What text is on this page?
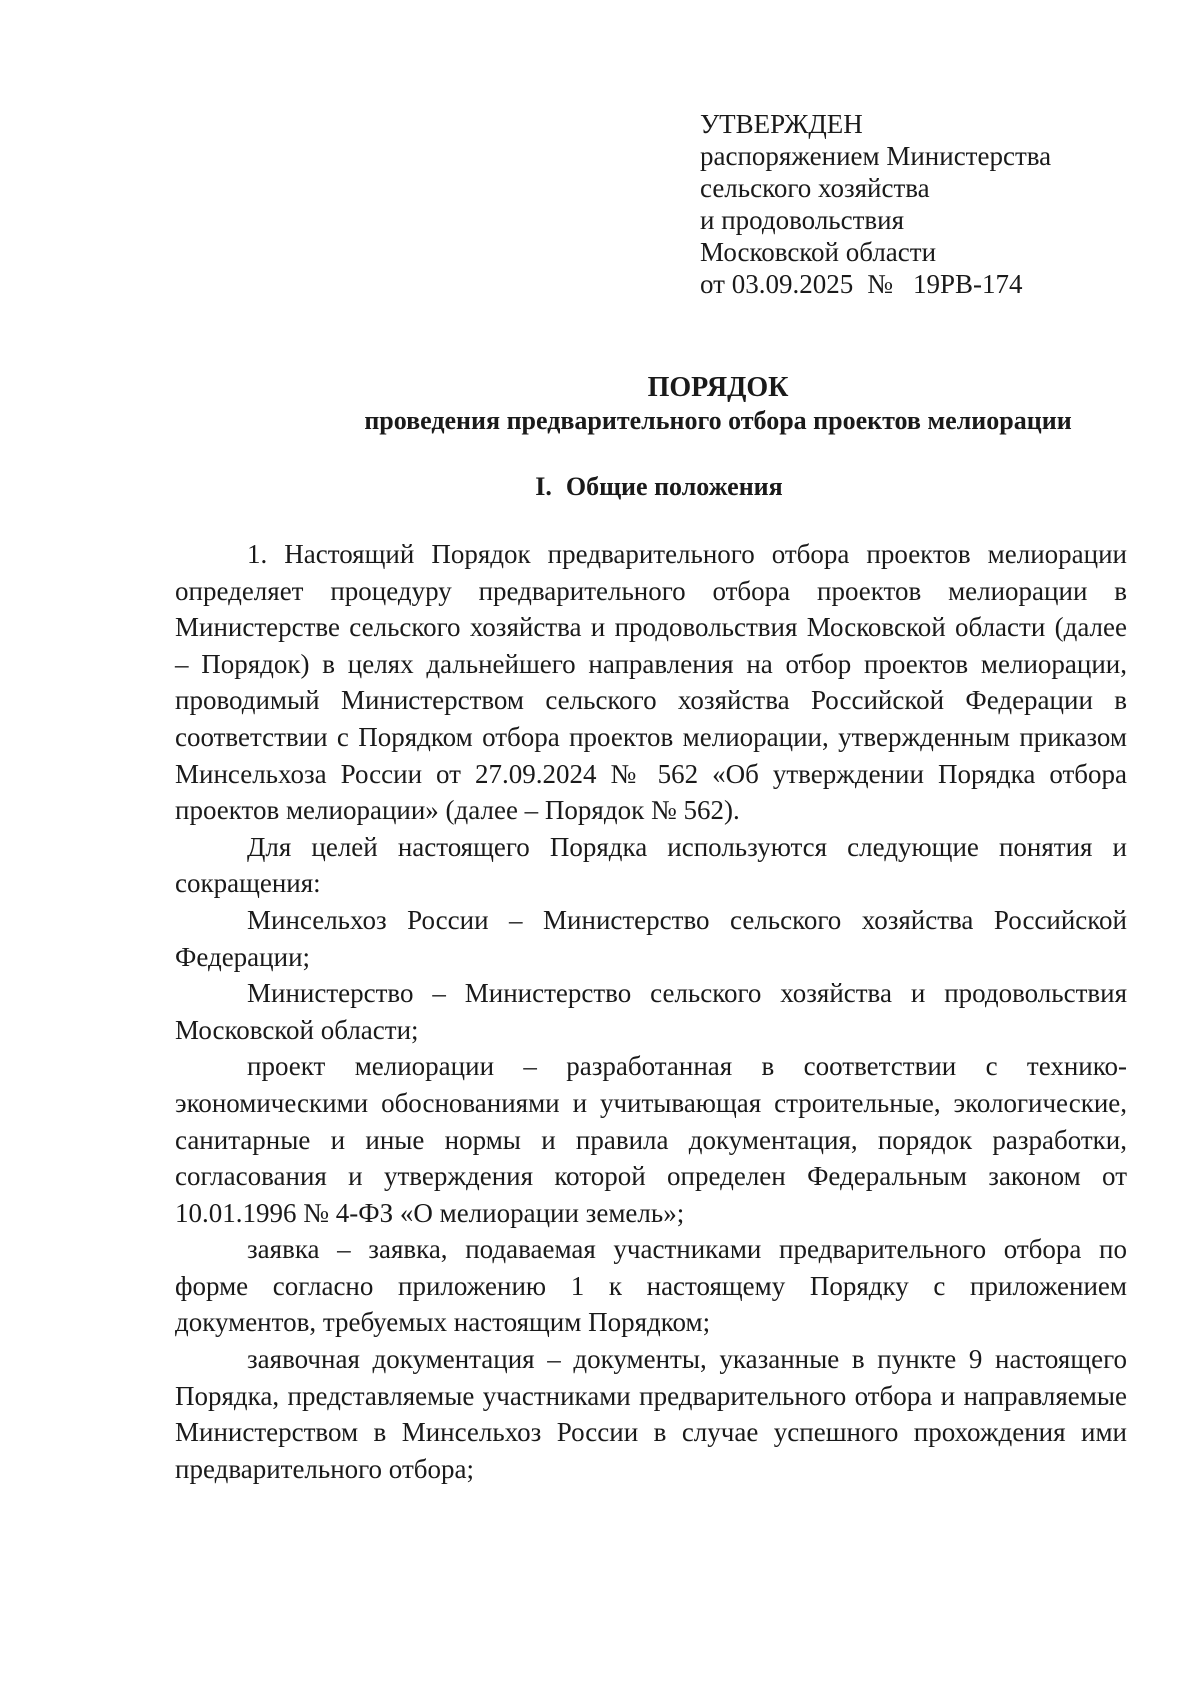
УТВЕРЖДЕН
распоряжением Министерства
сельского хозяйства
и продовольствия
Московской области
от 03.09.2025 № 19РВ-174
ПОРЯДОК
проведения предварительного отбора проектов мелиорации
I. Общие положения

1. Настоящий Порядок предварительного отбора проектов мелиорации определяет процедуру предварительного отбора проектов мелиорации в Министерстве сельского хозяйства и продовольствия Московской области (далее – Порядок) в целях дальнейшего направления на отбор проектов мелиорации, проводимый Министерством сельского хозяйства Российской Федерации в соответствии с Порядком отбора проектов мелиорации, утвержденным приказом Минсельхоза России от 27.09.2024 № 562 «Об утверждении Порядка отбора проектов мелиорации» (далее – Порядок № 562).

Для целей настоящего Порядка используются следующие понятия и сокращения:

Минсельхоз России – Министерство сельского хозяйства Российской Федерации;

Министерство – Министерство сельского хозяйства и продовольствия Московской области;

проект мелиорации – разработанная в соответствии с технико-экономическими обоснованиями и учитывающая строительные, экологические, санитарные и иные нормы и правила документация, порядок разработки, согласования и утверждения которой определен Федеральным законом от 10.01.1996 № 4-ФЗ «О мелиорации земель»;

заявка – заявка, подаваемая участниками предварительного отбора по форме согласно приложению 1 к настоящему Порядку с приложением документов, требуемых настоящим Порядком;

заявочная документация – документы, указанные в пункте 9 настоящего Порядка, представляемые участниками предварительного отбора и направляемые Министерством в Минсельхоз России в случае успешного прохождения ими предварительного отбора;
